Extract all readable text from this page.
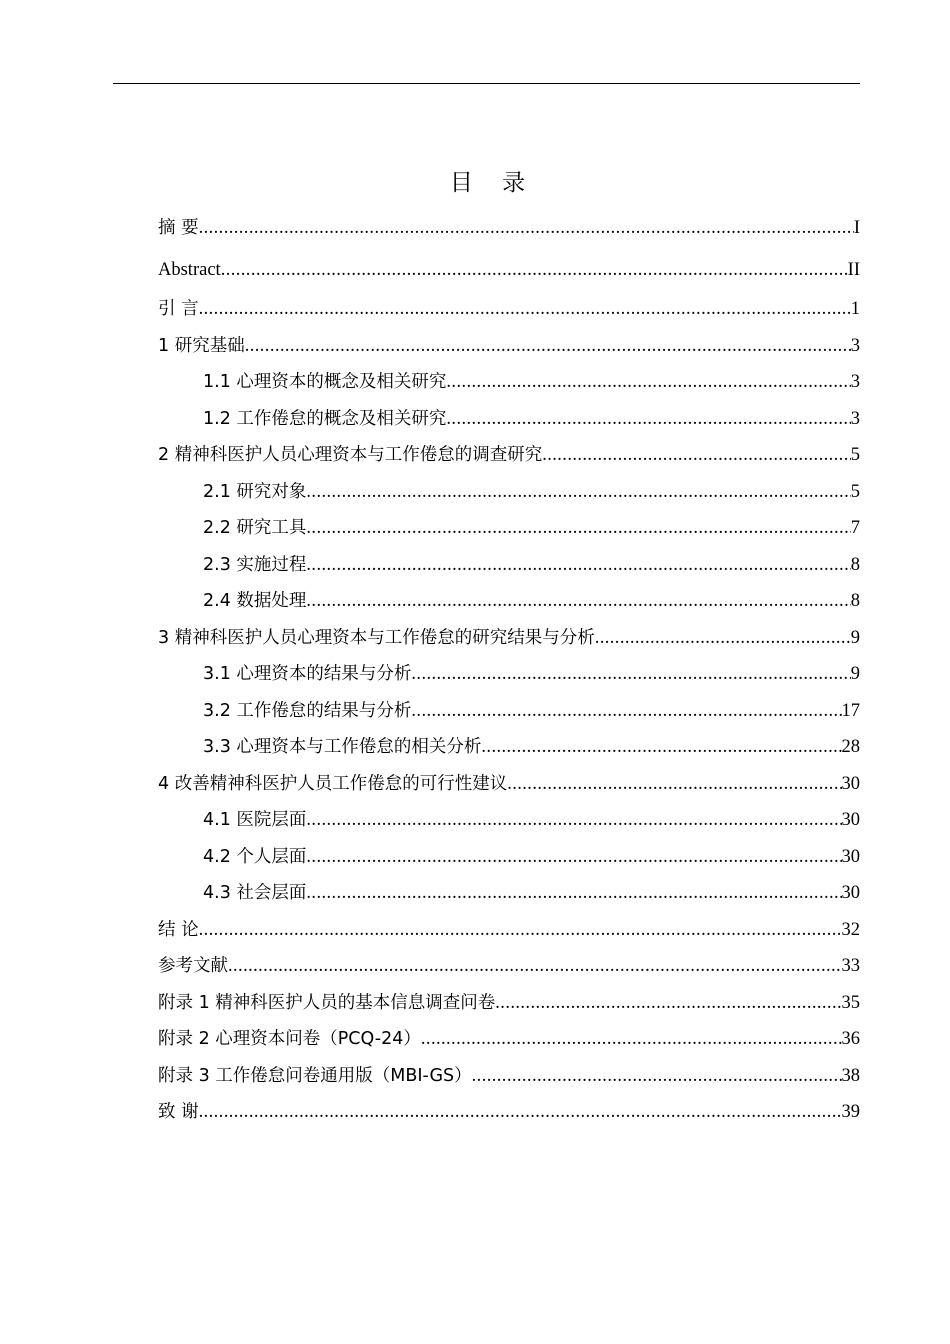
目    录
摘 要 .....	I
Abstract .....	II
引 言 .....	1
1 研究基础 .....	3
1.1 心理资本的概念及相关研究 .....	3
1.2 工作倦怠的概念及相关研究 .....	3
2 精神科医护人员心理资本与工作倦怠的调查研究 .....	5
2.1 研究对象 .....	5
2.2 研究工具 .....	7
2.3 实施过程 .....	8
2.4 数据处理 .....	8
3 精神科医护人员心理资本与工作倦怠的研究结果与分析 .....	9
3.1 心理资本的结果与分析 .....	9
3.2 工作倦怠的结果与分析 .....	17
3.3 心理资本与工作倦怠的相关分析 .....	28
4 改善精神科医护人员工作倦怠的可行性建议 .....	30
4.1 医院层面 .....	30
4.2 个人层面 .....	30
4.3 社会层面 .....	30
结 论 .....	32
参考文献 .....	33
附录 1 精神科医护人员的基本信息调查问卷 .....	35
附录 2 心理资本问卷（PCQ-24） .....	36
附录 3 工作倦怠问卷通用版（MBI-GS） .....	38
致 谢 .....	39
